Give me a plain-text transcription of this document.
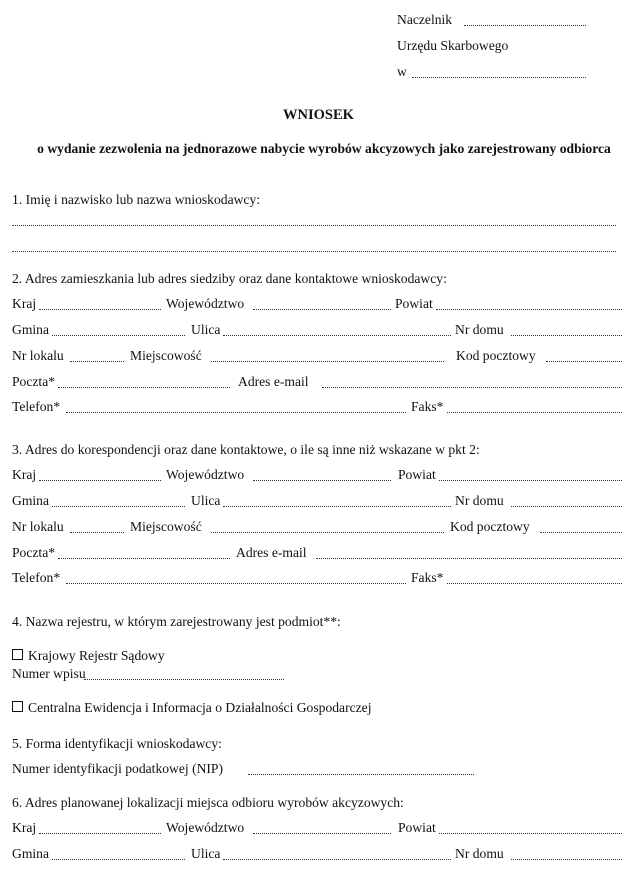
Naczelnik
Urzędu Skarbowego
w
WNIOSEK
o wydanie zezwolenia na jednorazowe nabycie wyrobów akcyzowych jako zarejestrowany odbiorca
1. Imię i nazwisko lub nazwa wnioskodawcy:
2. Adres zamieszkania lub adres siedziby oraz dane kontaktowe wnioskodawcy:
Kraj	Województwo	Powiat
Gmina	Ulica	Nr domu
Nr lokalu	Miejscowość	Kod pocztowy
Poczta*	Adres e-mail
Telefon*	Faks*
3. Adres do korespondencji oraz dane kontaktowe, o ile są inne niż wskazane w pkt 2:
Kraj	Województwo	Powiat
Gmina	Ulica	Nr domu
Nr lokalu	Miejscowość	Kod pocztowy
Poczta*	Adres e-mail
Telefon*	Faks*
4. Nazwa rejestru, w którym zarejestrowany jest podmiot**:
Krajowy Rejestr Sądowy
Numer wpisu
Centralna Ewidencja i Informacja o Działalności Gospodarczej
5. Forma identyfikacji wnioskodawcy:
Numer identyfikacji podatkowej (NIP)
6. Adres planowanej lokalizacji miejsca odbioru wyrobów akcyzowych:
Kraj	Województwo	Powiat
Gmina	Ulica	Nr domu
